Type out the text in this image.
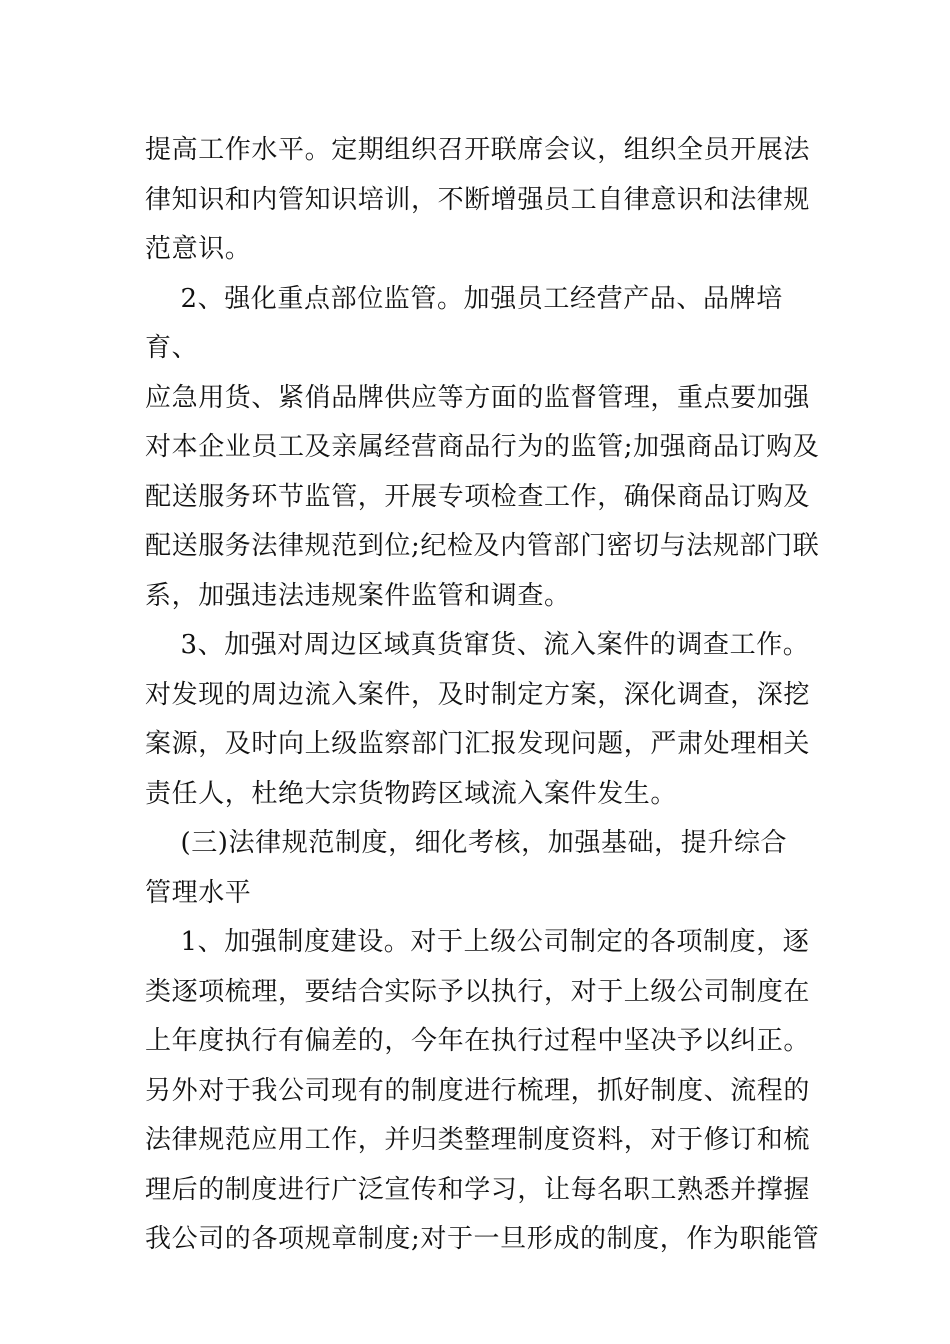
提高工作水平。定期组织召开联席会议，组织全员开展法
律知识和内管知识培训，不断增强员工自律意识和法律规
范意识。

2、强化重点部位监管。加强员工经营产品、品牌培育、
应急用货、紧俏品牌供应等方面的监督管理，重点要加强
对本企业员工及亲属经营商品行为的监管;加强商品订购及
配送服务环节监管，开展专项检查工作，确保商品订购及
配送服务法律规范到位;纪检及内管部门密切与法规部门联
系，加强违法违规案件监管和调查。

3、加强对周边区域真货窜货、流入案件的调查工作。
对发现的周边流入案件，及时制定方案，深化调查，深挖
案源，及时向上级监察部门汇报发现问题，严肃处理相关
责任人，杜绝大宗货物跨区域流入案件发生。

(三)法律规范制度，细化考核，加强基础，提升综合
管理水平

1、加强制度建设。对于上级公司制定的各项制度，逐
类逐项梳理，要结合实际予以执行，对于上级公司制度在
上年度执行有偏差的，今年在执行过程中坚决予以纠正。
另外对于我公司现有的制度进行梳理，抓好制度、流程的
法律规范应用工作，并归类整理制度资料，对于修订和梳
理后的制度进行广泛宣传和学习，让每名职工熟悉并撑握
我公司的各项规章制度;对于一旦形成的制度，作为职能管
